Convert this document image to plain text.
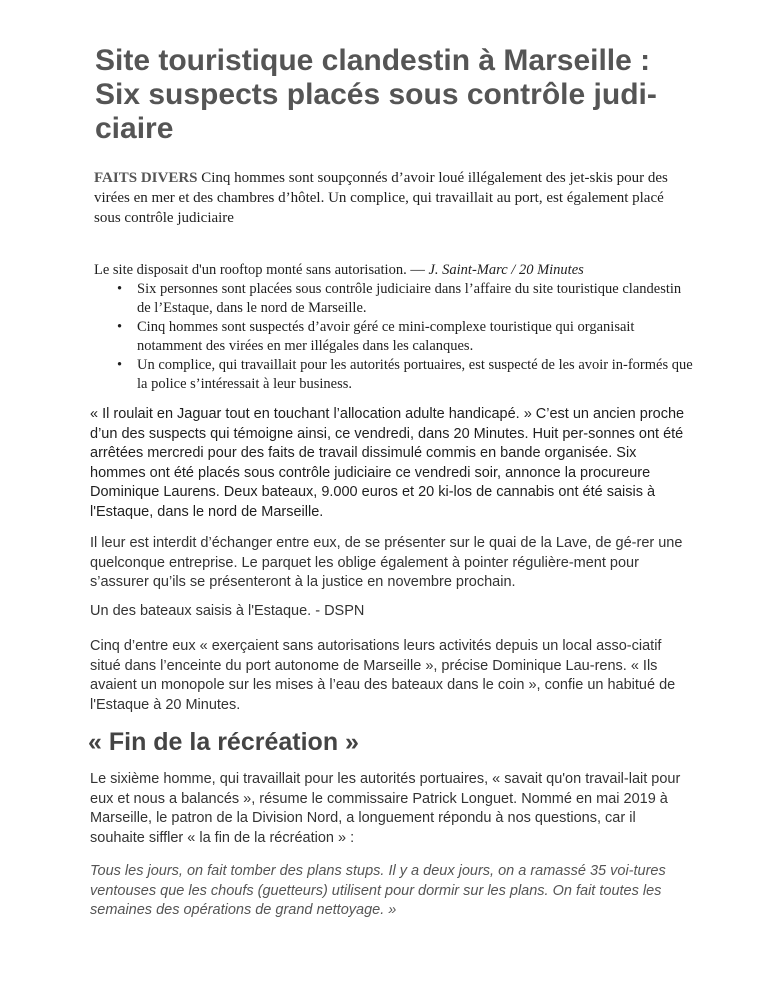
Site touristique clandestin à Marseille : Six suspects placés sous contrôle judi-ciaire

FAITS DIVERS Cinq hommes sont soupçonnés d’avoir loué illégalement des jet-skis pour des virées en mer et des chambres d’hôtel. Un complice, qui travaillait au port, est également placé sous contrôle judiciaire

Le site disposait d'un rooftop monté sans autorisation. — J. Saint-Marc / 20 Minutes

• Six personnes sont placées sous contrôle judiciaire dans l’affaire du site touristique clandestin de l’Estaque, dans le nord de Marseille.
• Cinq hommes sont suspectés d’avoir géré ce mini-complexe touristique qui organisait notamment des virées en mer illégales dans les calanques.
• Un complice, qui travaillait pour les autorités portuaires, est suspecté de les avoir in-formés que la police s’intéressait à leur business.

« Il roulait en Jaguar tout en touchant l’allocation adulte handicapé. » C’est un ancien proche d’un des suspects qui témoigne ainsi, ce vendredi, dans 20 Minutes. Huit per-sonnes ont été arrêtées mercredi pour des faits de travail dissimulé commis en bande organisée. Six hommes ont été placés sous contrôle judiciaire ce vendredi soir, annonce la procureure Dominique Laurens. Deux bateaux, 9.000 euros et 20 ki-los de cannabis ont été saisis à l'Estaque, dans le nord de Marseille.

Il leur est interdit d’échanger entre eux, de se présenter sur le quai de la Lave, de gé-rer une quelconque entreprise. Le parquet les oblige également à pointer régulière-ment pour s’assurer qu’ils se présenteront à la justice en novembre prochain.

Un des bateaux saisis à l'Estaque. - DSPN

Cinq d’entre eux « exerçaient sans autorisations leurs activités depuis un local asso-ciatif situé dans l’enceinte du port autonome de Marseille », précise Dominique Lau-rens. « Ils avaient un monopole sur les mises à l’eau des bateaux dans le coin », confie un habitué de l'Estaque à 20 Minutes.

« Fin de la récréation »

Le sixième homme, qui travaillait pour les autorités portuaires, « savait qu'on travail-lait pour eux et nous a balancés », résume le commissaire Patrick Longuet. Nommé en mai 2019 à Marseille, le patron de la Division Nord, a longuement répondu à nos questions, car il souhaite siffler « la fin de la récréation » :

Tous les jours, on fait tomber des plans stups. Il y a deux jours, on a ramassé 35 voi-tures ventouses que les choufs (guetteurs) utilisent pour dormir sur les plans. On fait toutes les semaines des opérations de grand nettoyage. »
